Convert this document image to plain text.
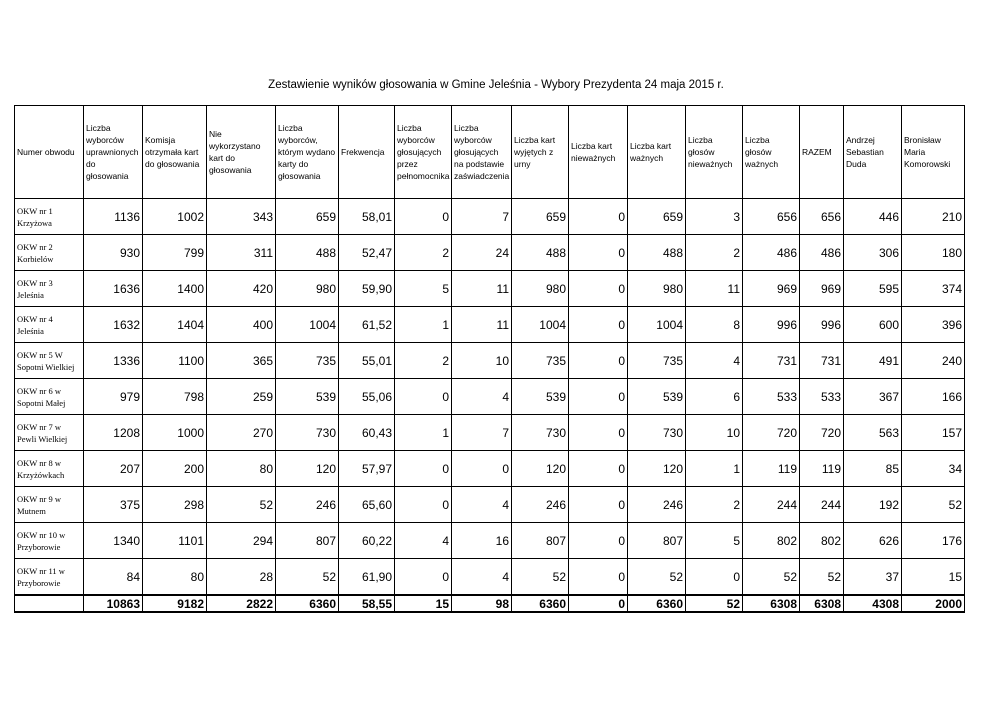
Zestawienie wyników głosowania w Gmine Jeleśnia - Wybory Prezydenta 24 maja 2015 r.
Numer obwodu	Liczba wyborców uprawnionych do głosowania	Komisja otrzymała kart do głosowania	Nie wykorzystano kart do głosowania	Liczba wyborców, którym wydano karty do głosowania	Frekwencja	Liczba wyborców głosujących przez pełnomocnika	Liczba wyborców głosujących na podstawie zaświadczenia	Liczba kart wyjętych z urny	Liczba kart nieważnych	Liczba kart ważnych	Liczba głosów nieważnych	Liczba głosów ważnych	RAZEM	Andrzej Sebastian Duda	Bronisław Maria Komorowski
OKW nr 1 Krzyżowa	1136	1002	343	659	58,01	0	7	659	0	659	3	656	656	446	210
OKW nr 2 Korbielów	930	799	311	488	52,47	2	24	488	0	488	2	486	486	306	180
OKW nr 3 Jeleśnia	1636	1400	420	980	59,90	5	11	980	0	980	11	969	969	595	374
OKW nr 4 Jeleśnia	1632	1404	400	1004	61,52	1	11	1004	0	1004	8	996	996	600	396
OKW nr 5 W Sopotni Wielkiej	1336	1100	365	735	55,01	2	10	735	0	735	4	731	731	491	240
OKW nr 6 w Sopotni Małej	979	798	259	539	55,06	0	4	539	0	539	6	533	533	367	166
OKW nr 7 w Pewli Wielkiej	1208	1000	270	730	60,43	1	7	730	0	730	10	720	720	563	157
OKW nr 8 w Krzyżówkach	207	200	80	120	57,97	0	0	120	0	120	1	119	119	85	34
OKW nr 9 w Mutnem	375	298	52	246	65,60	0	4	246	0	246	2	244	244	192	52
OKW nr 10 w Przyborowie	1340	1101	294	807	60,22	4	16	807	0	807	5	802	802	626	176
OKW nr 11 w Przyborowie	84	80	28	52	61,90	0	4	52	0	52	0	52	52	37	15
	10863	9182	2822	6360	58,55	15	98	6360	0	6360	52	6308	6308	4308	2000
